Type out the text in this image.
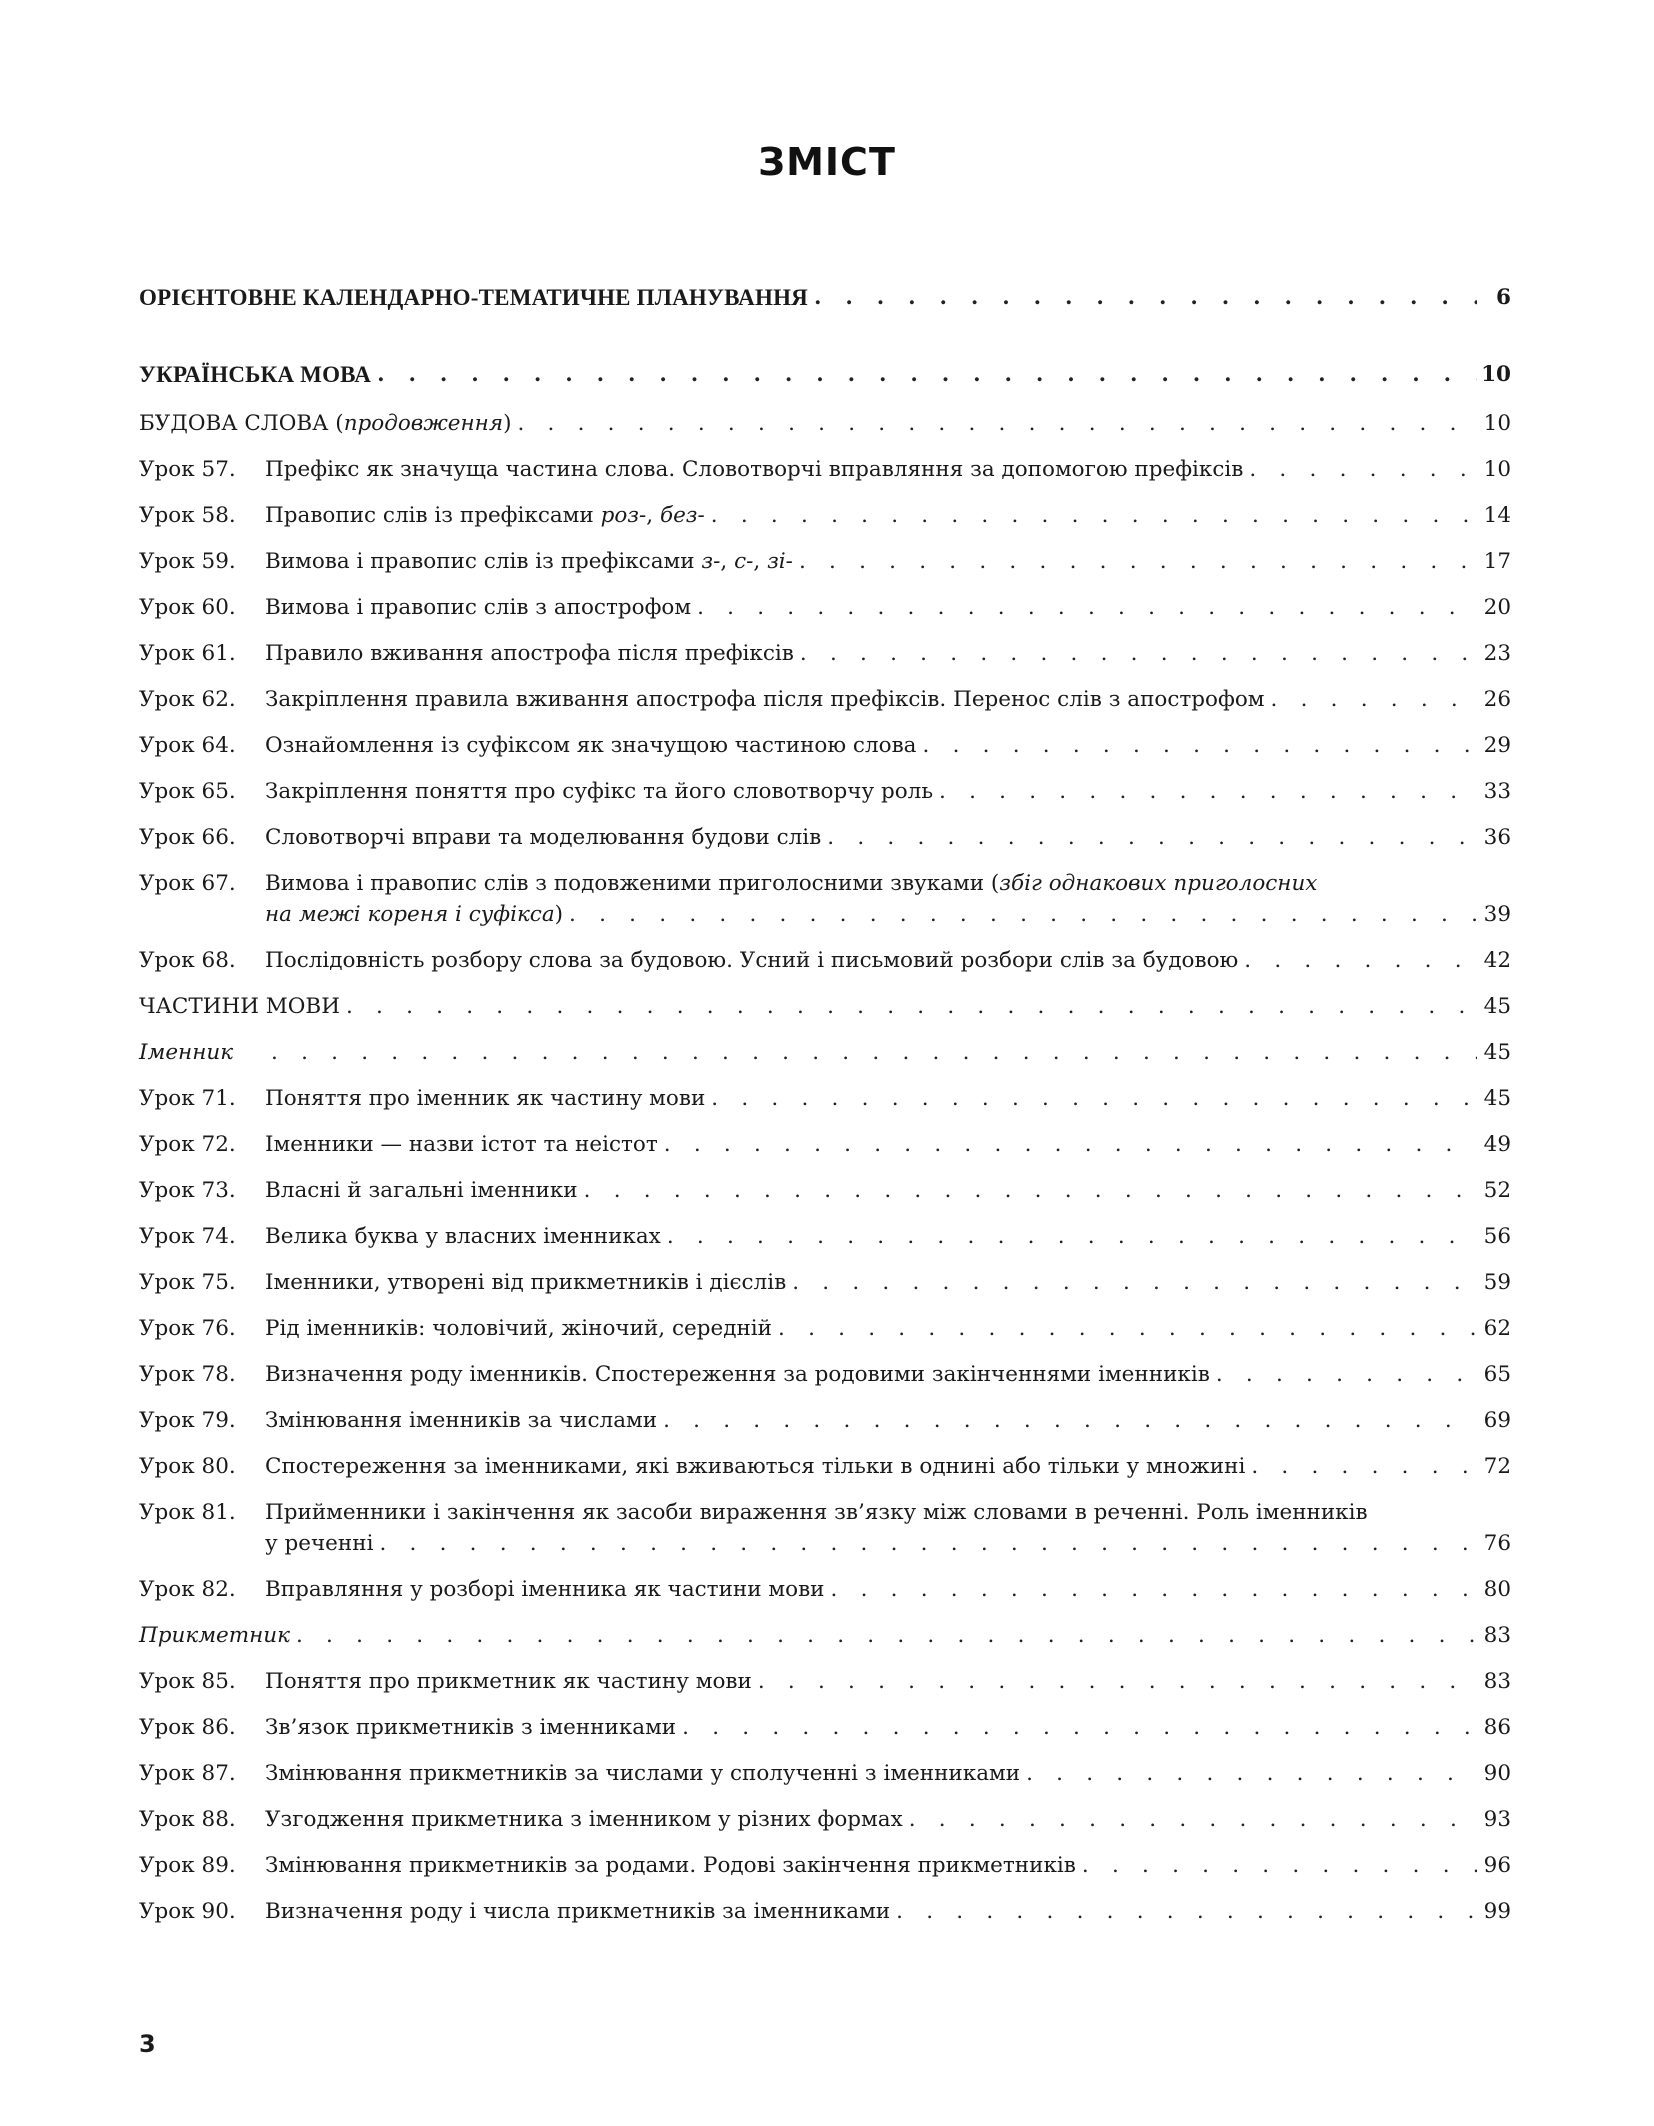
ЗМІСТ
ОРІЄНТОВНЕ КАЛЕНДАРНО-ТЕМАТИЧНЕ ПЛАНУВАННЯ . . .	6
УКРАЇНСЬКА МОВА . . .	10
БУДОВА СЛОВА (продовження) . . .	10
Урок 57.	Префікс як значуща частина слова. Словотворчі вправляння за допомогою префіксів . . .	10
Урок 58.	Правопис слів із префіксами роз-, без- . . .	14
Урок 59.	Вимова і правопис слів із префіксами з-, с-, зі- . . .	17
Урок 60.	Вимова і правопис слів з апострофом . . .	20
Урок 61.	Правило вживання апострофа після префіксів . . .	23
Урок 62.	Закріплення правила вживання апострофа після префіксів. Перенос слів з апострофом . . .	26
Урок 64.	Ознайомлення із суфіксом як значущою частиною слова . . .	29
Урок 65.	Закріплення поняття про суфікс та його словотворчу роль . . .	33
Урок 66.	Словотворчі вправи та моделювання будови слів . . .	36
Урок 67.	Вимова і правопис слів з подовженими приголосними звуками (збіг однакових приголосних
на межі кореня і суфікса) . . .	39
Урок 68.	Послідовність розбору слова за будовою. Усний і письмовий розбори слів за будовою . . .	42
ЧАСТИНИ МОВИ . . .	45
Іменник . . .	45
Урок 71.	Поняття про іменник як частину мови . . .	45
Урок 72.	Іменники — назви істот та неістот . . .	49
Урок 73.	Власні й загальні іменники . . .	52
Урок 74.	Велика буква у власних іменниках . . .	56
Урок 75.	Іменники, утворені від прикметників і дієслів . . .	59
Урок 76.	Рід іменників: чоловічий, жіночий, середній . . .	62
Урок 78.	Визначення роду іменників. Спостереження за родовими закінченнями іменників . . .	65
Урок 79.	Змінювання іменників за числами . . .	69
Урок 80.	Спостереження за іменниками, які вживаються тільки в однині або тільки у множині . . .	72
Урок 81.	Прийменники і закінчення як засоби вираження зв’язку між словами в реченні. Роль іменників
у реченні . . .	76
Урок 82.	Вправляння у розборі іменника як частини мови . . .	80
Прикметник . . .	83
Урок 85.	Поняття про прикметник як частину мови . . .	83
Урок 86.	Зв’язок прикметників з іменниками . . .	86
Урок 87.	Змінювання прикметників за числами у сполученні з іменниками . . .	90
Урок 88.	Узгодження прикметника з іменником у різних формах . . .	93
Урок 89.	Змінювання прикметників за родами. Родові закінчення прикметників . . .	96
Урок 90.	Визначення роду і числа прикметників за іменниками . . .	99
3
